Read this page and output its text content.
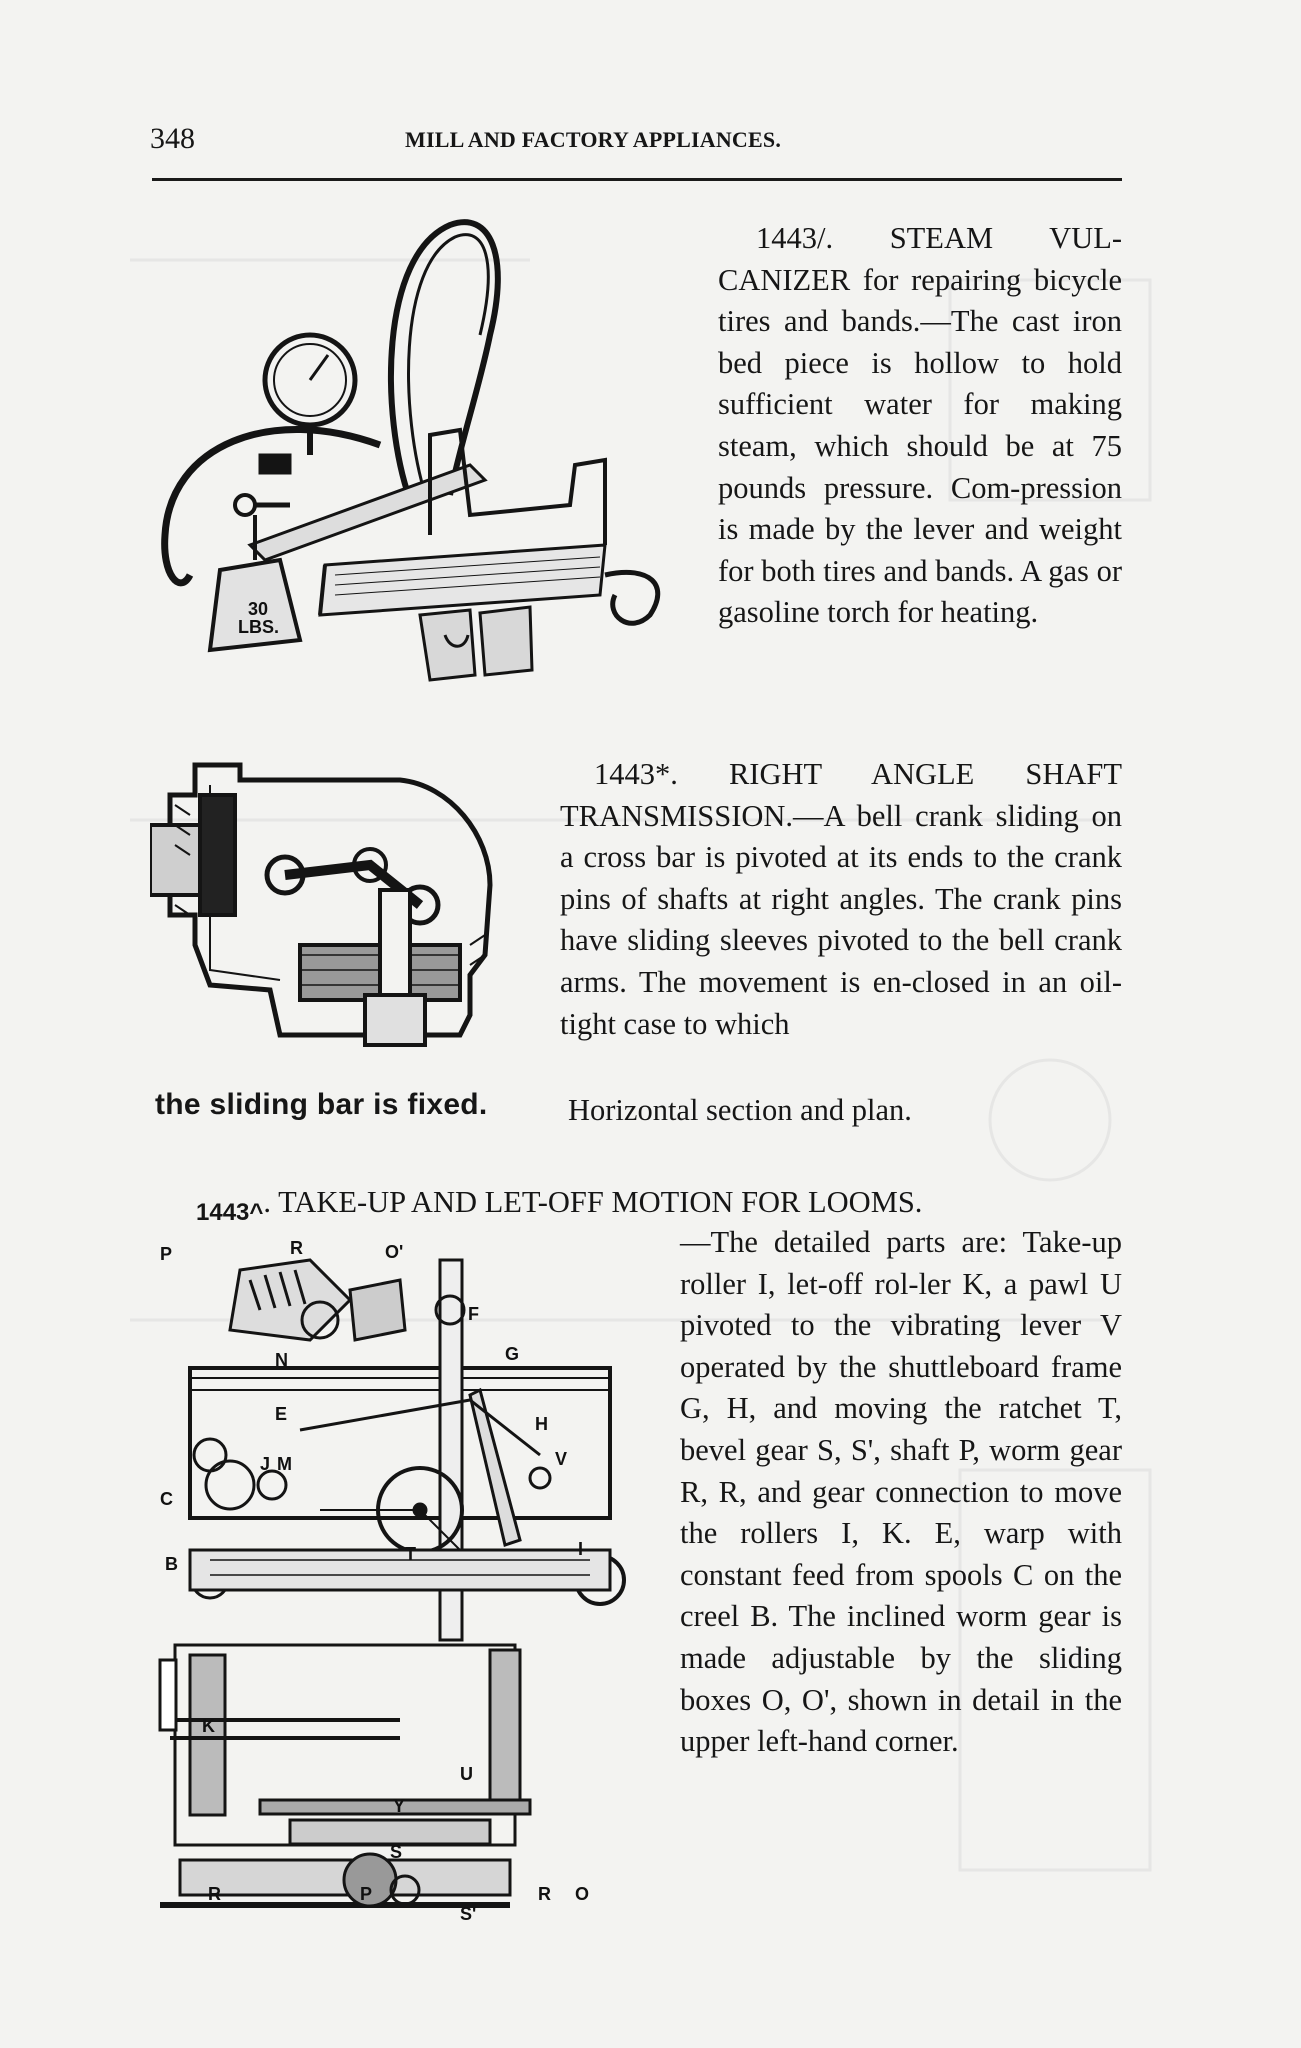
348	MILL AND FACTORY APPLIANCES.
30
LBS.
1443/. STEAM VUL-CANIZER for repairing bicycle tires and bands.—The cast iron bed piece is hollow to hold sufficient water for making steam, which should be at 75 pounds pressure. Com-pression is made by the lever and weight for both tires and bands. A gas or gasoline torch for heating.
1443*. RIGHT ANGLE SHAFT TRANSMISSION.—A bell crank sliding on a cross bar is pivoted at its ends to the crank pins of shafts at right angles. The crank pins have sliding sleeves pivoted to the bell crank arms. The movement is en-closed in an oil-tight case to which
the sliding bar is fixed.	Horizontal section and plan.
$_{1443\^{}}$. TAKE-UP AND LET-OFF MOTION FOR LOOMS.
P	R	O'
F
N	G
E	H
J M	V
C
I
T
B
K
U
Y
S
R	P
S'
R O
—The detailed parts are: Take-up roller I, let-off rol-ler K, a pawl U pivoted to the vibrating lever V operated by the shuttleboard frame G, H, and moving the ratchet T, bevel gear S, S', shaft P, worm gear R, R, and gear connection to move the rollers I, K. E, warp with constant feed from spools C on the creel B. The inclined worm gear is made adjustable by the sliding boxes O, O', shown in detail in the upper left-hand corner.
